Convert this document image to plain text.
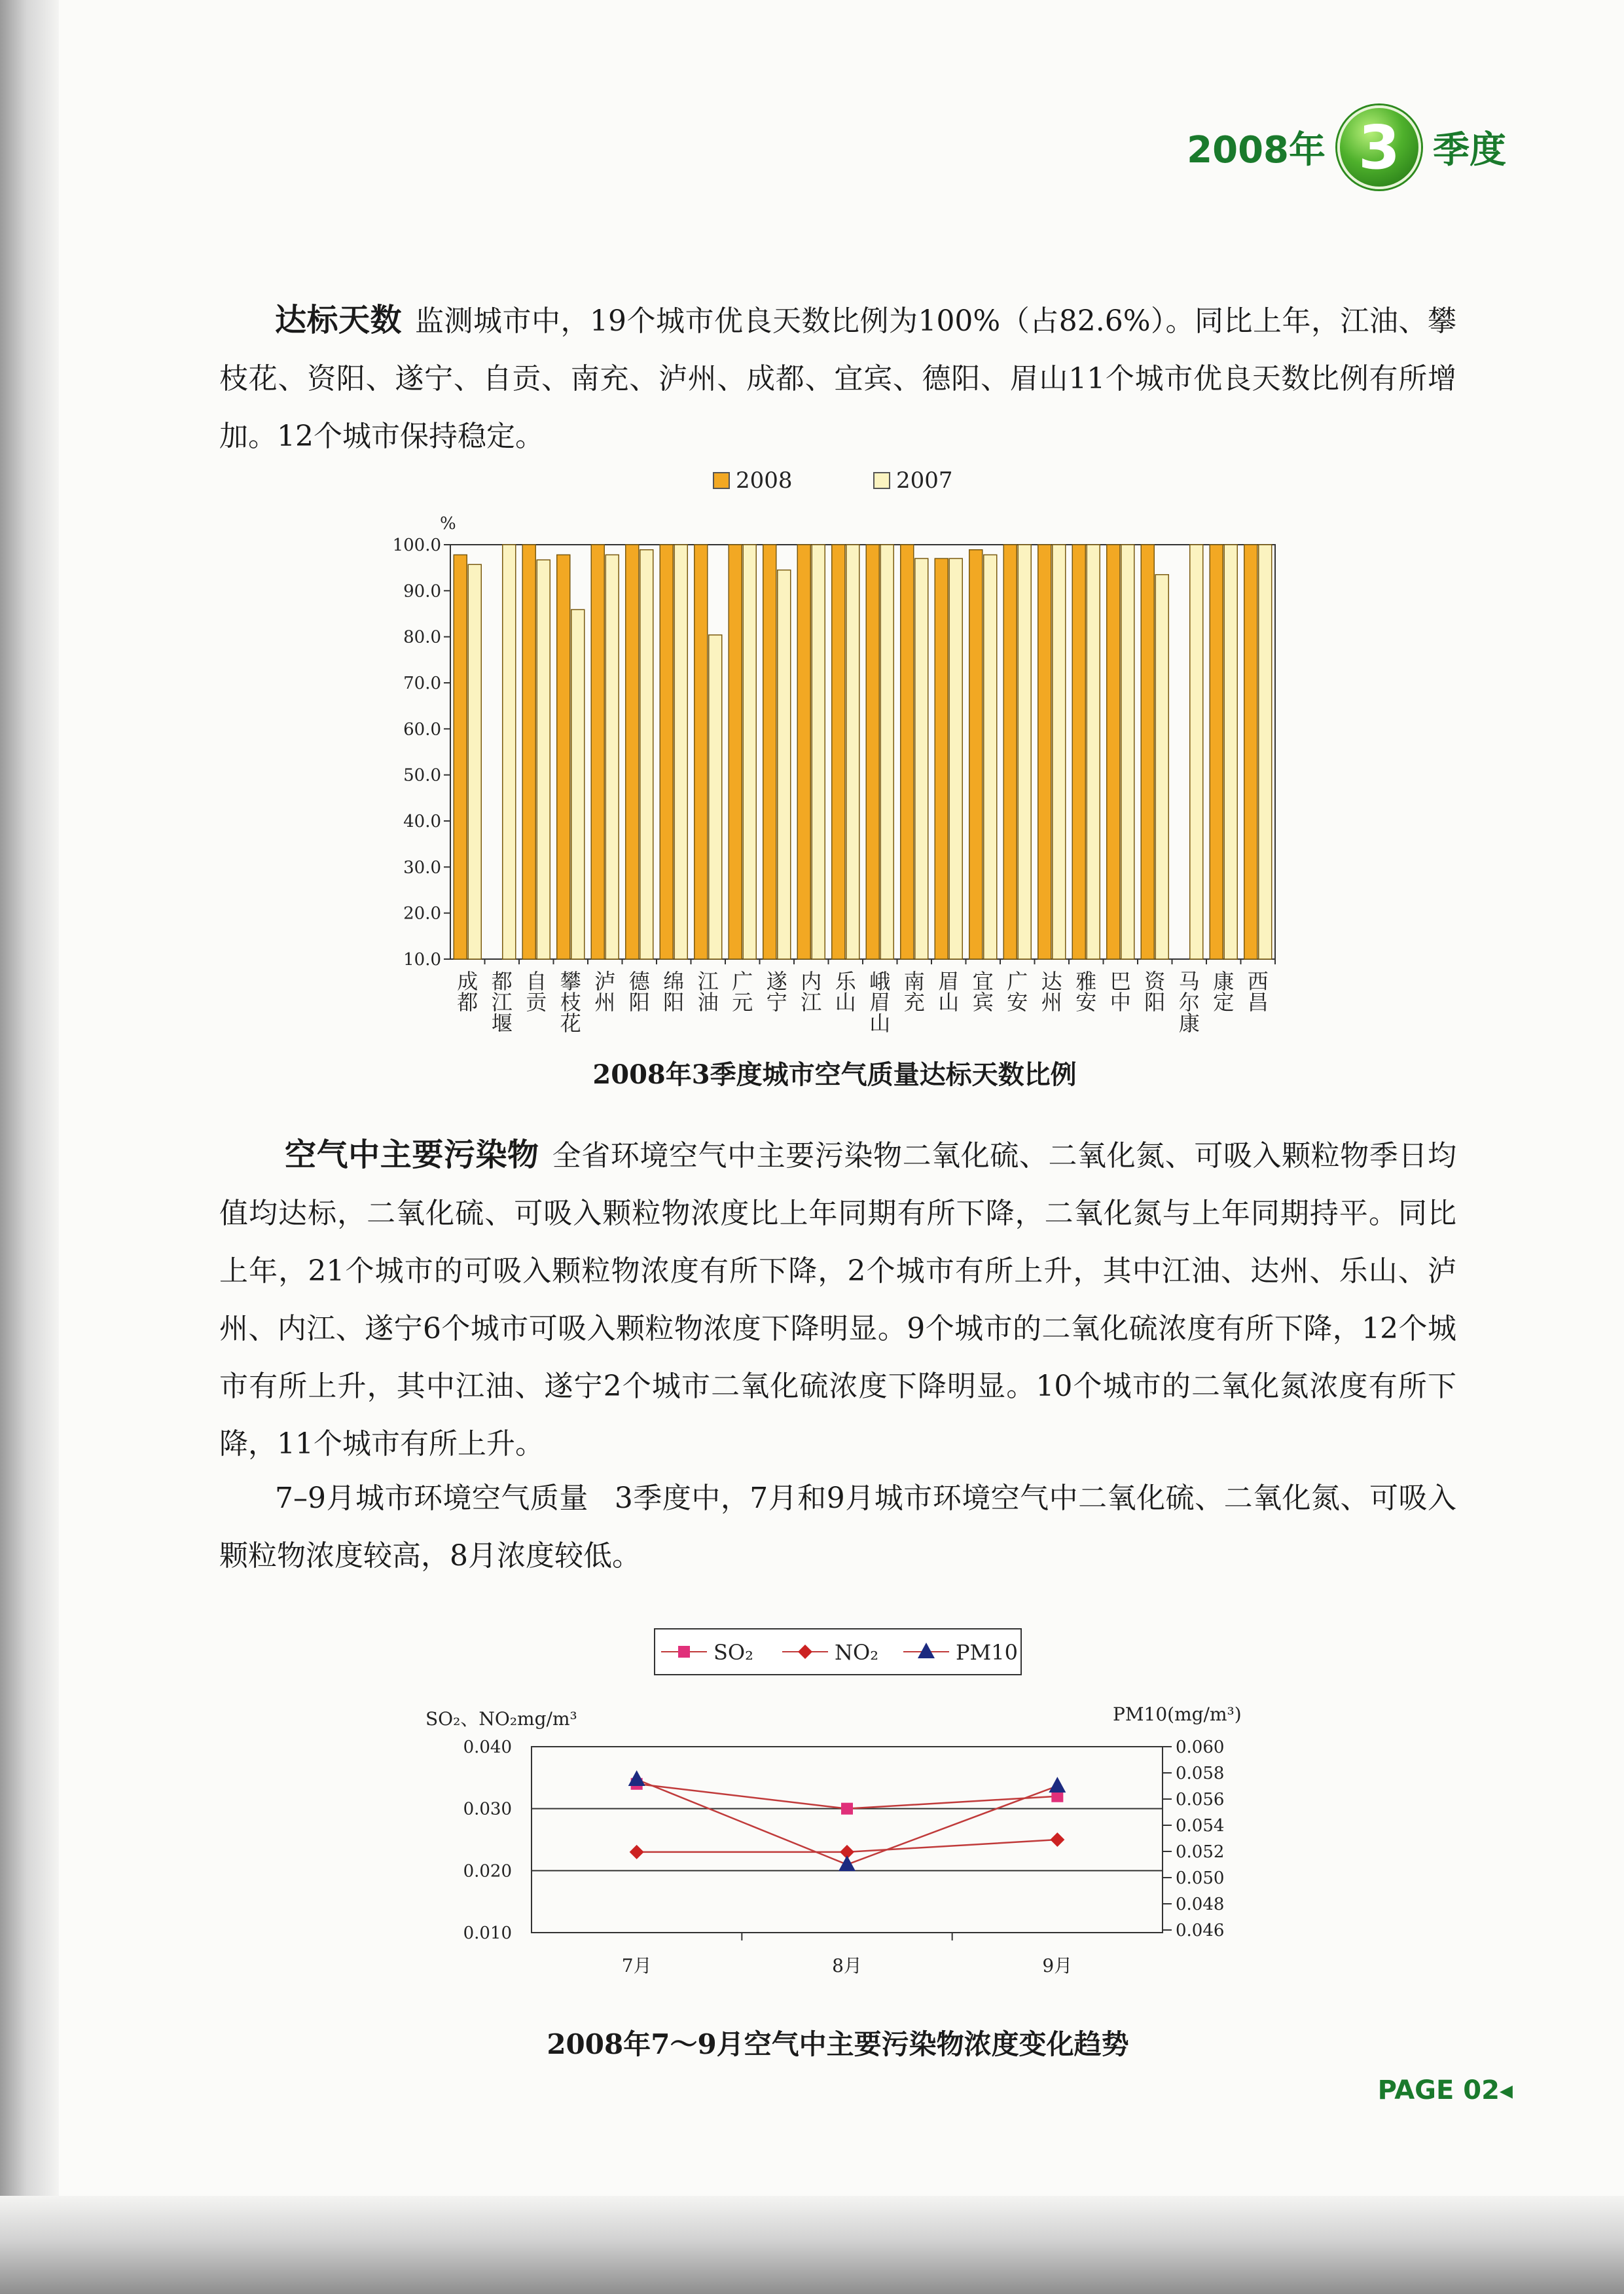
2008年 3 季度
达标天数 监测城市中，19个城市优良天数比例为100%（占82.6%）。同比上年，江油、攀枝花、资阳、遂宁、自贡、南充、泸州、成都、宜宾、德阳、眉山11个城市优良天数比例有所增加。12个城市保持稳定。
2008	2007
%
100.0
90.0
80.0
70.0
60.0
50.0
40.0
30.0
20.0
10.0
成都
都江堰
自贡
攀枝花
泸州
德阳
绵阳
江油
广元
遂宁
内江
乐山
峨眉山
南充
眉山
宜宾
广安
达州
雅安
巴中
资阳
马尔康
康定
西昌
2008年3季度城市空气质量达标天数比例
空气中主要污染物 全省环境空气中主要污染物二氧化硫、二氧化氮、可吸入颗粒物季日均值均达标，二氧化硫、可吸入颗粒物浓度比上年同期有所下降，二氧化氮与上年同期持平。同比上年，21个城市的可吸入颗粒物浓度有所下降，2个城市有所上升，其中江油、达州、乐山、泸州、内江、遂宁6个城市可吸入颗粒物浓度下降明显。9个城市的二氧化硫浓度有所下降，12个城市有所上升，其中江油、遂宁2个城市二氧化硫浓度下降明显。10个城市的二氧化氮浓度有所下降，11个城市有所上升。
7–9月城市环境空气质量 3季度中，7月和9月城市环境空气中二氧化硫、二氧化氮、可吸入颗粒物浓度较高，8月浓度较低。
SO₂	NO₂	PM10
SO₂、NO₂mg/m³	PM10(mg/m³)
0.040
0.030
0.020
0.010
0.060
0.058
0.056
0.054
0.052
0.050
0.048
0.046
7月	8月	9月
2008年7～9月空气中主要污染物浓度变化趋势
PAGE 02◂
